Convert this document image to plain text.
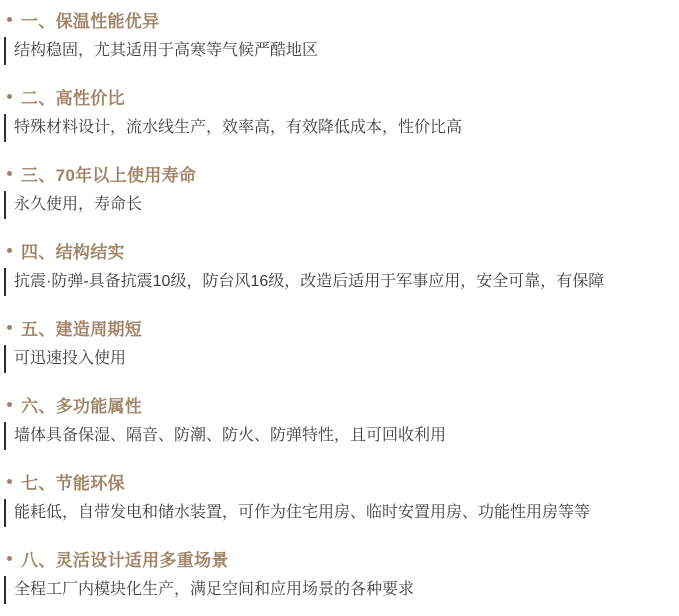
一、保温性能优异
结构稳固，尤其适用于高寒等气候严酷地区
二、高性价比
特殊材料设计，流水线生产，效率高，有效降低成本，性价比高
三、70年以上使用寿命
永久使用，寿命长
四、结构结实
抗震·防弹-具备抗震10级，防台风16级，改造后适用于军事应用，安全可靠，有保障
五、建造周期短
可迅速投入使用
六、多功能属性
墙体具备保湿、隔音、防潮、防火、防弹特性，且可回收利用
七、节能环保
能耗低，自带发电和储水装置，可作为住宅用房、临时安置用房、功能性用房等等
八、灵活设计适用多重场景
全程工厂内模块化生产，满足空间和应用场景的各种要求
